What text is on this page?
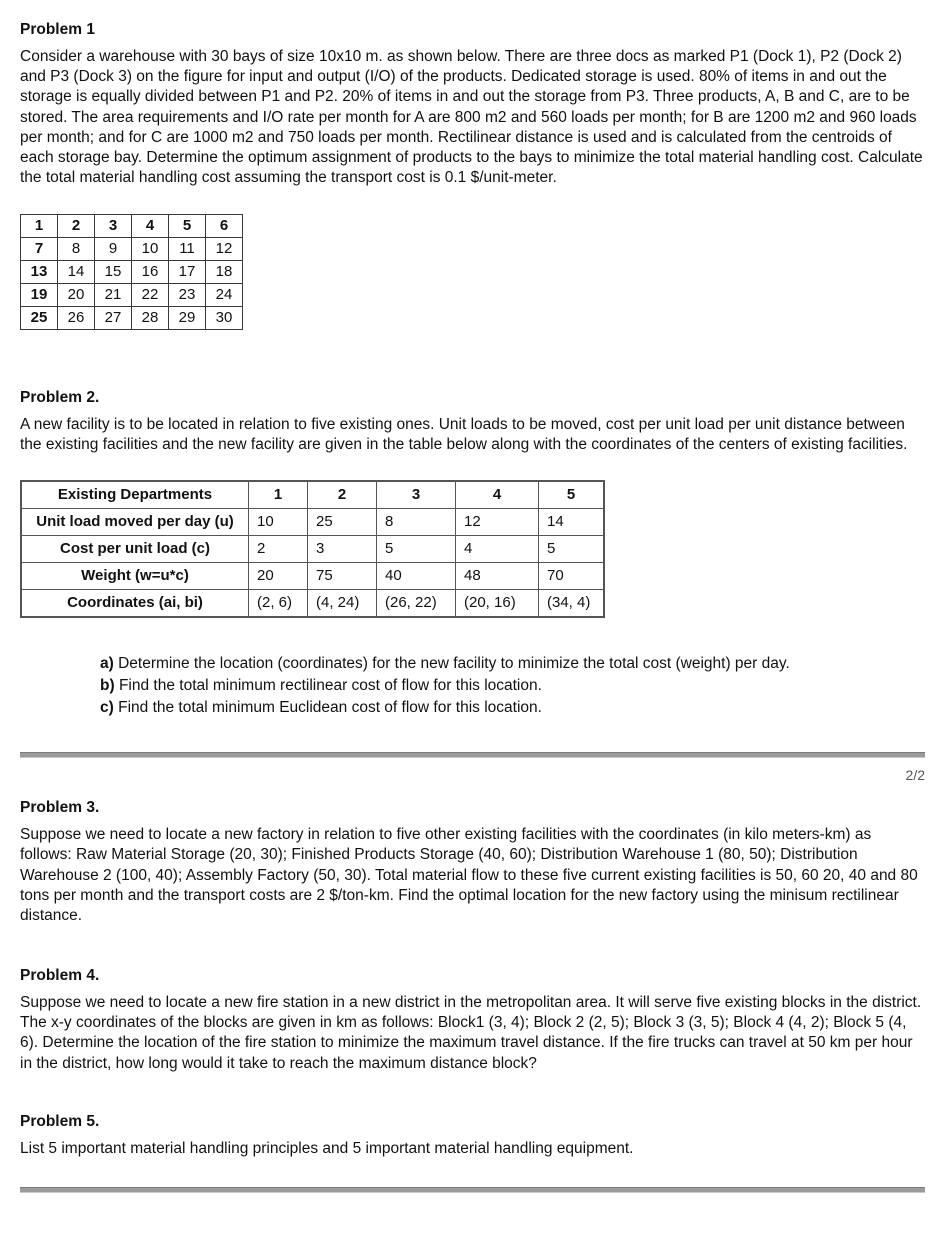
Problem 1

Consider a warehouse with 30 bays of size 10x10 m. as shown below. There are three docs as marked P1 (Dock 1), P2 (Dock 2) and P3 (Dock 3) on the figure for input and output (I/O) of the products. Dedicated storage is used. 80% of items in and out the storage is equally divided between P1 and P2. 20% of items in and out the storage from P3. Three products, A, B and C, are to be stored. The area requirements and I/O rate per month for A are 800 m2 and 560 loads per month; for B are 1200 m2 and 960 loads per month; and for C are 1000 m2 and 750 loads per month. Rectilinear distance is used and is calculated from the centroids of each storage bay. Determine the optimum assignment of products to the bays to minimize the total material handling cost. Calculate the total material handling cost assuming the transport cost is 0.1 $/unit-meter.

1	2	3	4	5	6
7	8	9	10	11	12
13	14	15	16	17	18
19	20	21	22	23	24
25	26	27	28	29	30
Problem 2.

A new facility is to be located in relation to five existing ones. Unit loads to be moved, cost per unit load per unit distance between the existing facilities and the new facility are given in the table below along with the coordinates of the centers of existing facilities.

Existing Departments	1	2	3	4	5
Unit load moved per day (u)	10	25	8	12	14
Cost per unit load (c)	2	3	5	4	5
Weight (w=u*c)	20	75	40	48	70
Coordinates (ai, bi)	(2, 6)	(4, 24)	(26, 22)	(20, 16)	(34, 4)

a) Determine the location (coordinates) for the new facility to minimize the total cost (weight) per day.

b) Find the total minimum rectilinear cost of flow for this location.

c) Find the total minimum Euclidean cost of flow for this location.

2/2
Problem 3.

Suppose we need to locate a new factory in relation to five other existing facilities with the coordinates (in kilo meters-km) as follows: Raw Material Storage (20, 30); Finished Products Storage (40, 60); Distribution Warehouse 1 (80, 50); Distribution Warehouse 2 (100, 40); Assembly Factory (50, 30). Total material flow to these five current existing facilities is 50, 60 20, 40 and 80 tons per month and the transport costs are 2 $/ton-km. Find the optimal location for the new factory using the minisum rectilinear distance.

Problem 4.

Suppose we need to locate a new fire station in a new district in the metropolitan area. It will serve five existing blocks in the district. The x-y coordinates of the blocks are given in km as follows: Block1 (3, 4); Block 2 (2, 5); Block 3 (3, 5); Block 4 (4, 2); Block 5 (4, 6). Determine the location of the fire station to minimize the maximum travel distance. If the fire trucks can travel at 50 km per hour in the district, how long would it take to reach the maximum distance block?

Problem 5.

List 5 important material handling principles and 5 important material handling equipment.
